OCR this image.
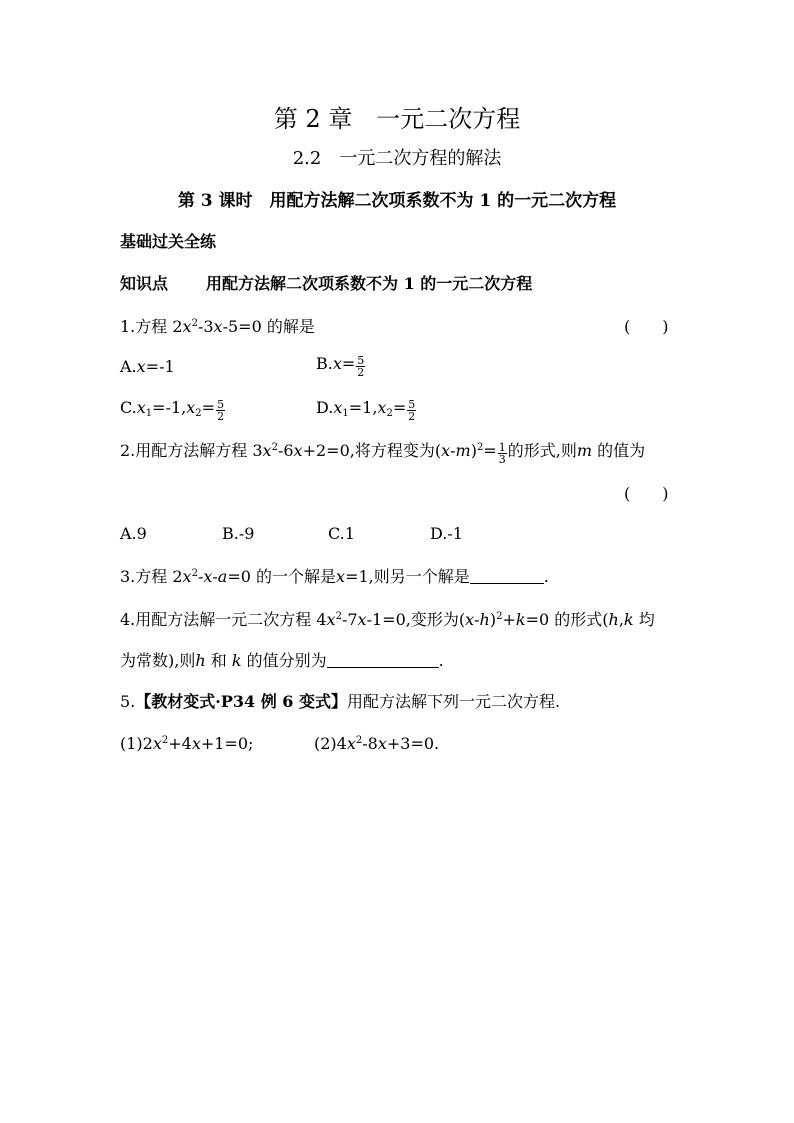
第 2 章　一元二次方程
2.2　一元二次方程的解法
第 3 课时　用配方法解二次项系数不为 1 的一元二次方程
基础过关全练
知识点 用配方法解二次项系数不为 1 的一元二次方程
1.方程 $2x^2-3x-5=0$ 的解是	(　　)
A.x=-1	$B.x= \frac{5}{2}$
$C.x_1=-1,x_2= \frac{5}{2}$	$D.x_1=1,x_2= \frac{5}{2}$
2.用配方法解方程 $3x^2-6x+2=0$,将方程变为$(x-m)^2= \frac{1}{3}$ 的形式,则m 的值为
(　　)
A.9	B.-9	C.1	D.-1
3.方程 $2x^2-x-a=0$ 的一个解是x=1,则另一个解是	.
4.用配方法解一元二次方程 $4x^2-7x-1=0$,变形为$(x-h)^2+k=0$ 的形式(h,k 均
为常数),则h 和 k 的值分别为	.
5.【教材变式·P34 例 6 变式】用配方法解下列一元二次方程.
$(1)2x^2+4x+1=0$;	$(2)4x^2-8x+3=0$.
